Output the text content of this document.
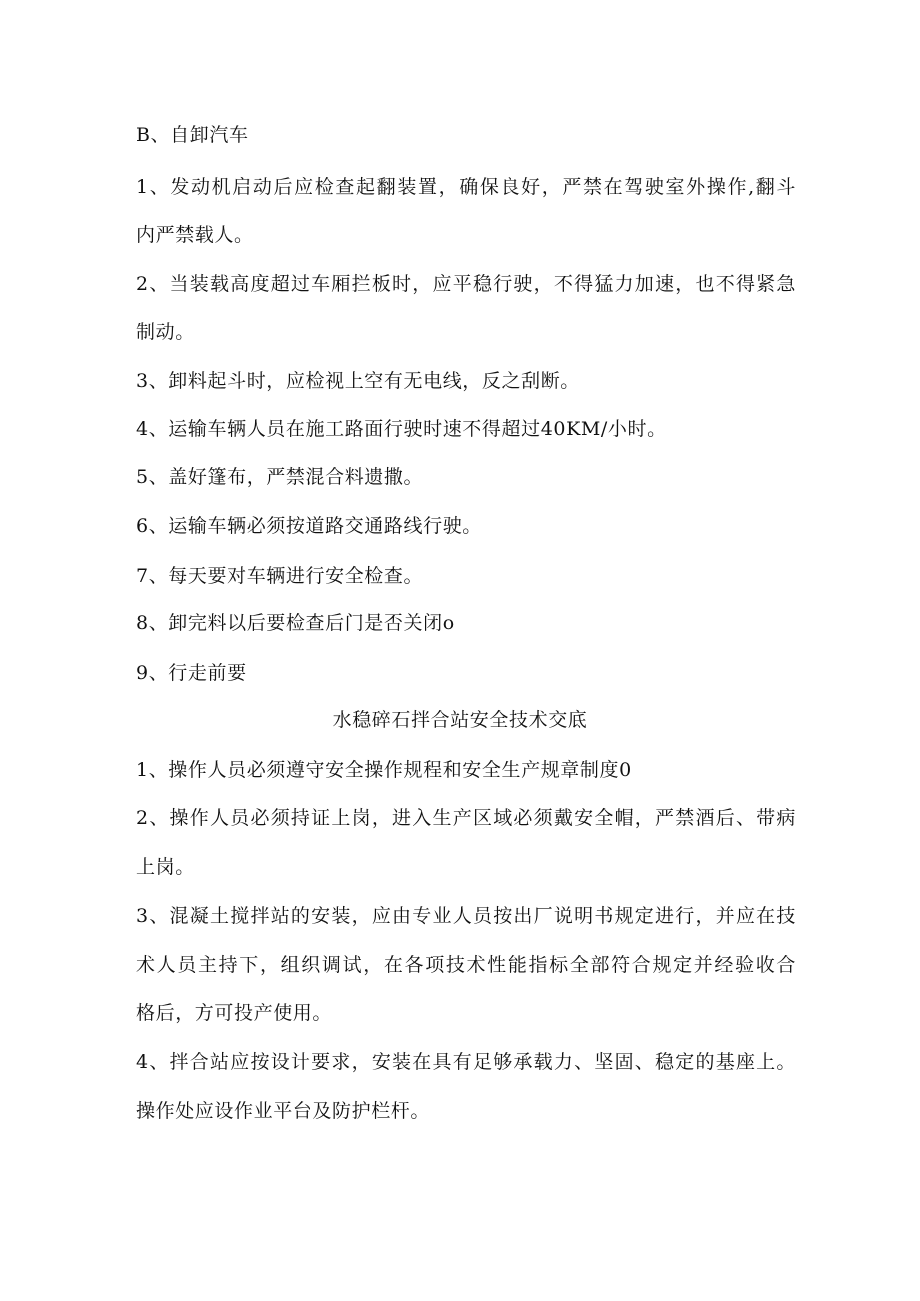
B、自卸汽车
1、发动机启动后应检查起翻装置，确保良好，严禁在驾驶室外操作,翻斗
内严禁载人。
2、当装载高度超过车厢拦板时，应平稳行驶，不得猛力加速，也不得紧急
制动。
3、卸料起斗时，应检视上空有无电线，反之刮断。
4、运输车辆人员在施工路面行驶时速不得超过40KM/小时。
5、盖好篷布，严禁混合料遗撒。
6、运输车辆必须按道路交通路线行驶。
7、每天要对车辆进行安全检查。
8、卸完料以后要检查后门是否关闭o
9、行走前要
水稳碎石拌合站安全技术交底
1、操作人员必须遵守安全操作规程和安全生产规章制度0
2、操作人员必须持证上岗，进入生产区域必须戴安全帽，严禁酒后、带病
上岗。
3、混凝土搅拌站的安装，应由专业人员按出厂说明书规定进行，并应在技
术人员主持下，组织调试，在各项技术性能指标全部符合规定并经验收合
格后，方可投产使用。
4、拌合站应按设计要求，安装在具有足够承载力、坚固、稳定的基座上。
操作处应设作业平台及防护栏杆。
